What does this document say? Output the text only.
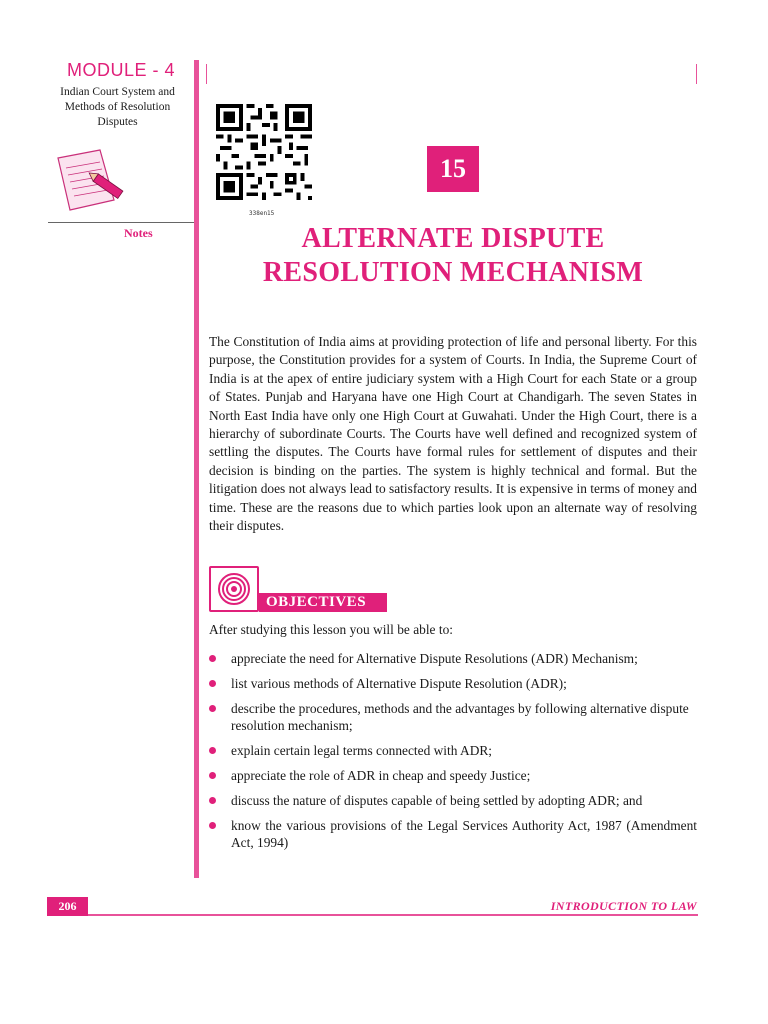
MODULE - 4
Indian Court System and Methods of Resolution Disputes
Notes
338en15
15
ALTERNATE DISPUTE RESOLUTION MECHANISM
The Constitution of India aims at providing protection of life and personal liberty. For this purpose, the Constitution provides for a system of Courts. In India, the Supreme Court of India is at the apex of entire judiciary system with a High Court for each State or a group of States. Punjab and Haryana have one High Court at Chandigarh. The seven States in North East India have only one High Court at Guwahati. Under the High Court, there is a hierarchy of subordinate Courts. The Courts have well defined and recognized system of settling the disputes. The Courts have formal rules for settlement of disputes and their decision is binding on the parties. The system is highly technical and formal. But the litigation does not always lead to satisfactory results. It is expensive in terms of money and time. These are the reasons due to which parties look upon an alternate way of resolving their disputes.
OBJECTIVES
After studying this lesson you will be able to:
appreciate the need for Alternative Dispute Resolutions (ADR) Mechanism;
list various methods of Alternative Dispute Resolution (ADR);
describe the procedures, methods and the advantages by following alternative dispute resolution mechanism;
explain certain legal terms connected with ADR;
appreciate the role of ADR in cheap and speedy Justice;
discuss the nature of disputes capable of being settled by adopting ADR; and
know the various provisions of the Legal Services Authority Act, 1987 (Amendment Act, 1994)
206	INTRODUCTION TO LAW
